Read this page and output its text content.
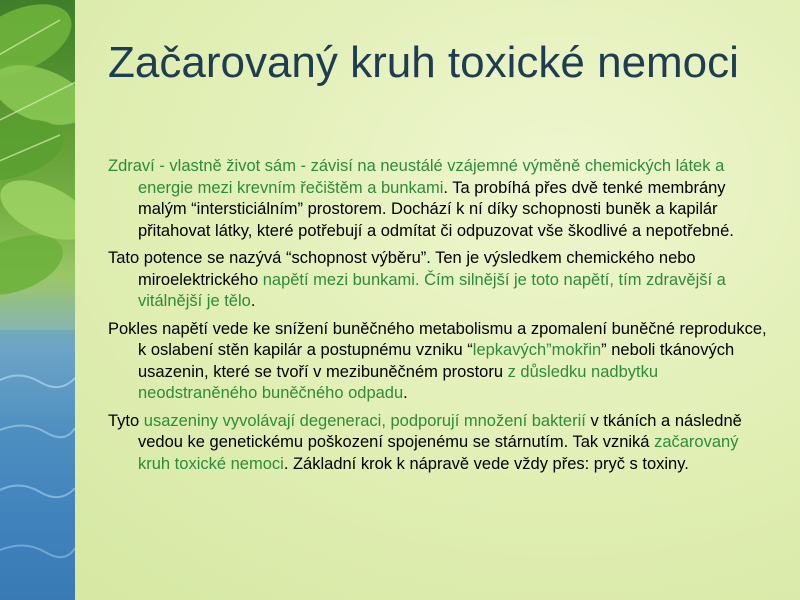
Začarovaný kruh toxické nemoci

Zdraví - vlastně život sám - závisí na neustálé vzájemné výměně chemických látek a energie mezi krevním řečištěm a bunkami. Ta probíhá přes dvě tenké membrány malým “intersticiálním” prostorem. Dochází k ní díky schopnosti buněk a kapilár přitahovat látky, které potřebují a odmítat či odpuzovat vše škodlivé a nepotřebné.

Tato potence se nazývá “schopnost výběru”. Ten je výsledkem chemického nebo miroelektrického napětí mezi bunkami. Čím silnější je toto napětí, tím zdravější a vitálnější je tělo.

Pokles napětí vede ke snížení buněčného metabolismu a zpomalení buněčné reprodukce, k oslabení stěn kapilár a postupnému vzniku “lepkavých”mokřin” neboli tkánových usazenin, které se tvoří v mezibuněčném prostoru z důsledku nadbytku neodstraněného buněčného odpadu.

Tyto usazeniny vyvolávají degeneraci, podporují množení bakterií v tkáních a následně vedou ke genetickému poškození spojenému se stárnutím. Tak vzniká začarovaný kruh toxické nemoci. Základní krok k nápravě vede vždy přes: pryč s toxiny.
